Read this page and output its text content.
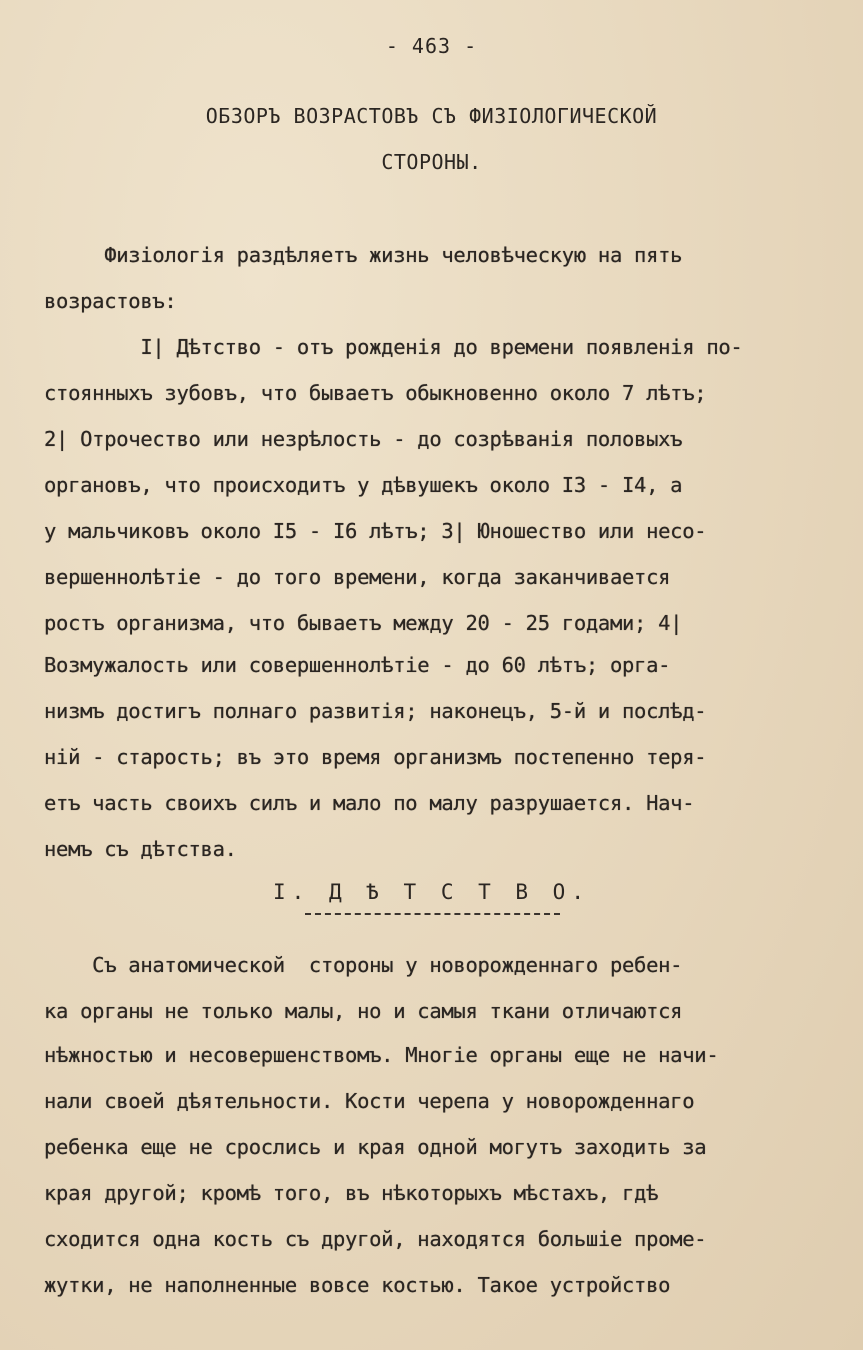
- 463 -
ОБЗОРЪ ВОЗРАСТОВЪ СЪ ФИЗІОЛОГИЧЕСКОЙ
СТОРОНЫ.
Физіологія раздѣляетъ жизнь человѣческую на пять
возрастовъ:
I| Дѣтство - отъ рожденія до времени появленія по-
стоянныхъ зубовъ, что бываетъ обыкновенно около 7 лѣтъ;
2| Отрочество или незрѣлость - до созрѣванія половыхъ
органовъ, что происходитъ у дѣвушекъ около I3 - I4, а
у мальчиковъ около I5 - I6 лѣтъ; 3| Юношество или несо-
вершеннолѣтіе - до того времени, когда заканчивается
ростъ организма, что бываетъ между 20 - 25 годами; 4|
Возмужалость или совершеннолѣтіе - до 60 лѣтъ; орга-
низмъ достигъ полнаго развитія; наконецъ, 5-й и послѣд-
ній - старость; въ это время организмъ постепенно теря-
етъ часть своихъ силъ и мало по малу разрушается. Нач-
немъ съ дѣтства.
I. Д Ѣ Т С Т В О.
Съ анатомической  стороны у новорожденнаго ребен-
ка органы не только малы, но и самыя ткани отличаются
нѣжностью и несовершенствомъ. Многіе органы еще не начи-
нали своей дѣятельности. Кости черепа у новорожденнаго
ребенка еще не срослись и края одной могутъ заходить за
края другой; кромѣ того, въ нѣкоторыхъ мѣстахъ, гдѣ
сходится одна кость съ другой, находятся большіе проме-
жутки, не наполненные вовсе костью. Такое устройство
